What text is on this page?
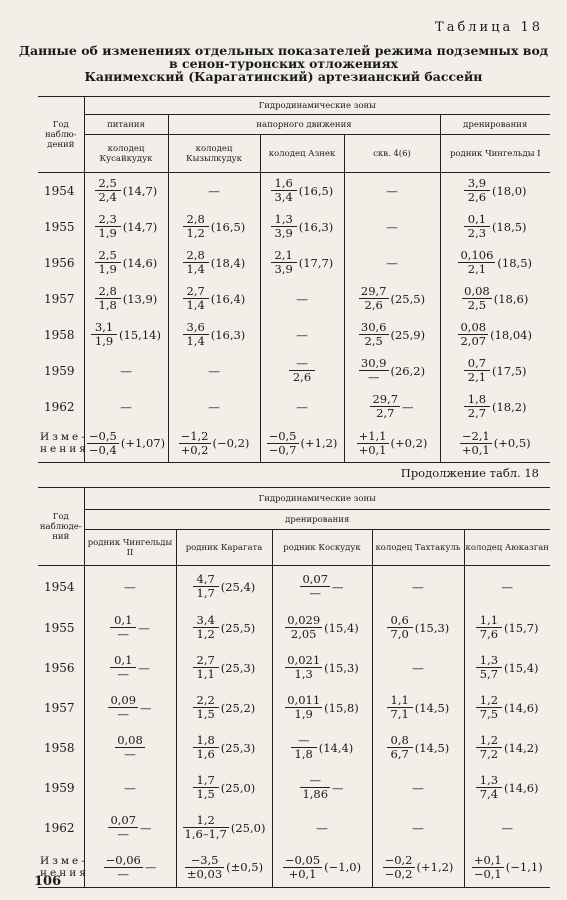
Таблица 18
Данные об изменениях отдельных показателей режима подземных вод
в сенон-туронских отложениях
Канимехский (Карагатинский) артезианский бассейн
Год наблю-дений	Гидродинамические зоны				
	питания	напорного движения			дренирования
	колодец Кусайкудук	колодец Кызылкудук	колодец Азнек	скв. 4(6)	родник Чингельды I
1954	$\frac{2,5}{2,4} (14,7)$	—	$\frac{1,6}{3,4} (16,5)$	—	$\frac{3,9}{2,6} (18,0)$
1955	$\frac{2,3}{1,9} (14,7)$	$\frac{2,8}{1,2} (16,5)$	$\frac{1,3}{3,9} (16,3)$	—	$\frac{0,1}{2,3} (18,5)$
1956	$\frac{2,5}{1,9} (14,6)$	$\frac{2,8}{1,4} (18,4)$	$\frac{2,1}{3,9} (17,7)$	—	$\frac{0,106}{2,1} (18,5)$
1957	$\frac{2,8}{1,8} (13,9)$	$\frac{2,7}{1,4} (16,4)$	—	$\frac{29,7}{2,6} (25,5)$	$\frac{0,08}{2,5} (18,6)$
1958	$\frac{3,1}{1,9} (15,14)$	$\frac{3,6}{1,4} (16,3)$	—	$\frac{30,6}{2,5} (25,9)$	$\frac{0,08}{2,07} (18,04)$
1959	—	—	$\frac{—}{2,6}$	$\frac{30,9}{—} (26,2)$	$\frac{0,7}{2,1} (17,5)$
1962	—	—	—	$\frac{29,7}{2,7}$ —	$\frac{1,8}{2,7} (18,2)$
Изме-нения	$\frac{-0,5}{-0,4} (+1,07)$	$\frac{-1,2}{+0,2} (-0,2)$	$\frac{-0,5}{-0,7} (+1,2)$	$\frac{+1,1}{+0,1} (+0,2)$	$\frac{-2,1}{+0,1} (+0,5)$
Продолжение табл. 18
Год наблюде-ний	Гидродинамические зоны				
	дренирования				
	родник Чингельды II	родник Карагата	родник Коскудук	колодец Тахтакуль	колодец Аюказган
1954	—	$\frac{4,7}{1,7} (25,4)$	$\frac{0,07}{—}$ —	—	—
1955	$\frac{0,1}{—}$ —	$\frac{3,4}{1,2} (25,5)$	$\frac{0,029}{2,05} (15,4)$	$\frac{0,6}{7,0} (15,3)$	$\frac{1,1}{7,6} (15,7)$
1956	$\frac{0,1}{—}$ —	$\frac{2,7}{1,1} (25,3)$	$\frac{0,021}{1,3} (15,3)$	—	$\frac{1,3}{5,7} (15,4)$
1957	$\frac{0,09}{—}$ —	$\frac{2,2}{1,5} (25,2)$	$\frac{0,011}{1,9} (15,8)$	$\frac{1,1}{7,1} (14,5)$	$\frac{1,2}{7,5} (14,6)$
1958	$\frac{0,08}{—}$	$\frac{1,8}{1,6} (25,3)$	$\frac{—}{1,8} (14,4)$	$\frac{0,8}{6,7} (14,5)$	$\frac{1,2}{7,2} (14,2)$
1959	—	$\frac{1,7}{1,5} (25,0)$	$\frac{—}{1,86}$ —	—	$\frac{1,3}{7,4} (14,6)$
1962	$\frac{0,07}{—}$ —	$\frac{1,2}{1,6-1,7} (25,0)$	—	—	—
Изме-нения	$\frac{-0,06}{—}$ —	$\frac{-3,5}{\pm 0,03} (\pm 0,5)$	$\frac{-0,05}{+0,1} (-1,0)$	$\frac{-0,2}{-0,2} (+1,2)$	$\frac{+0,1}{-0,1} (-1,1)$
106
